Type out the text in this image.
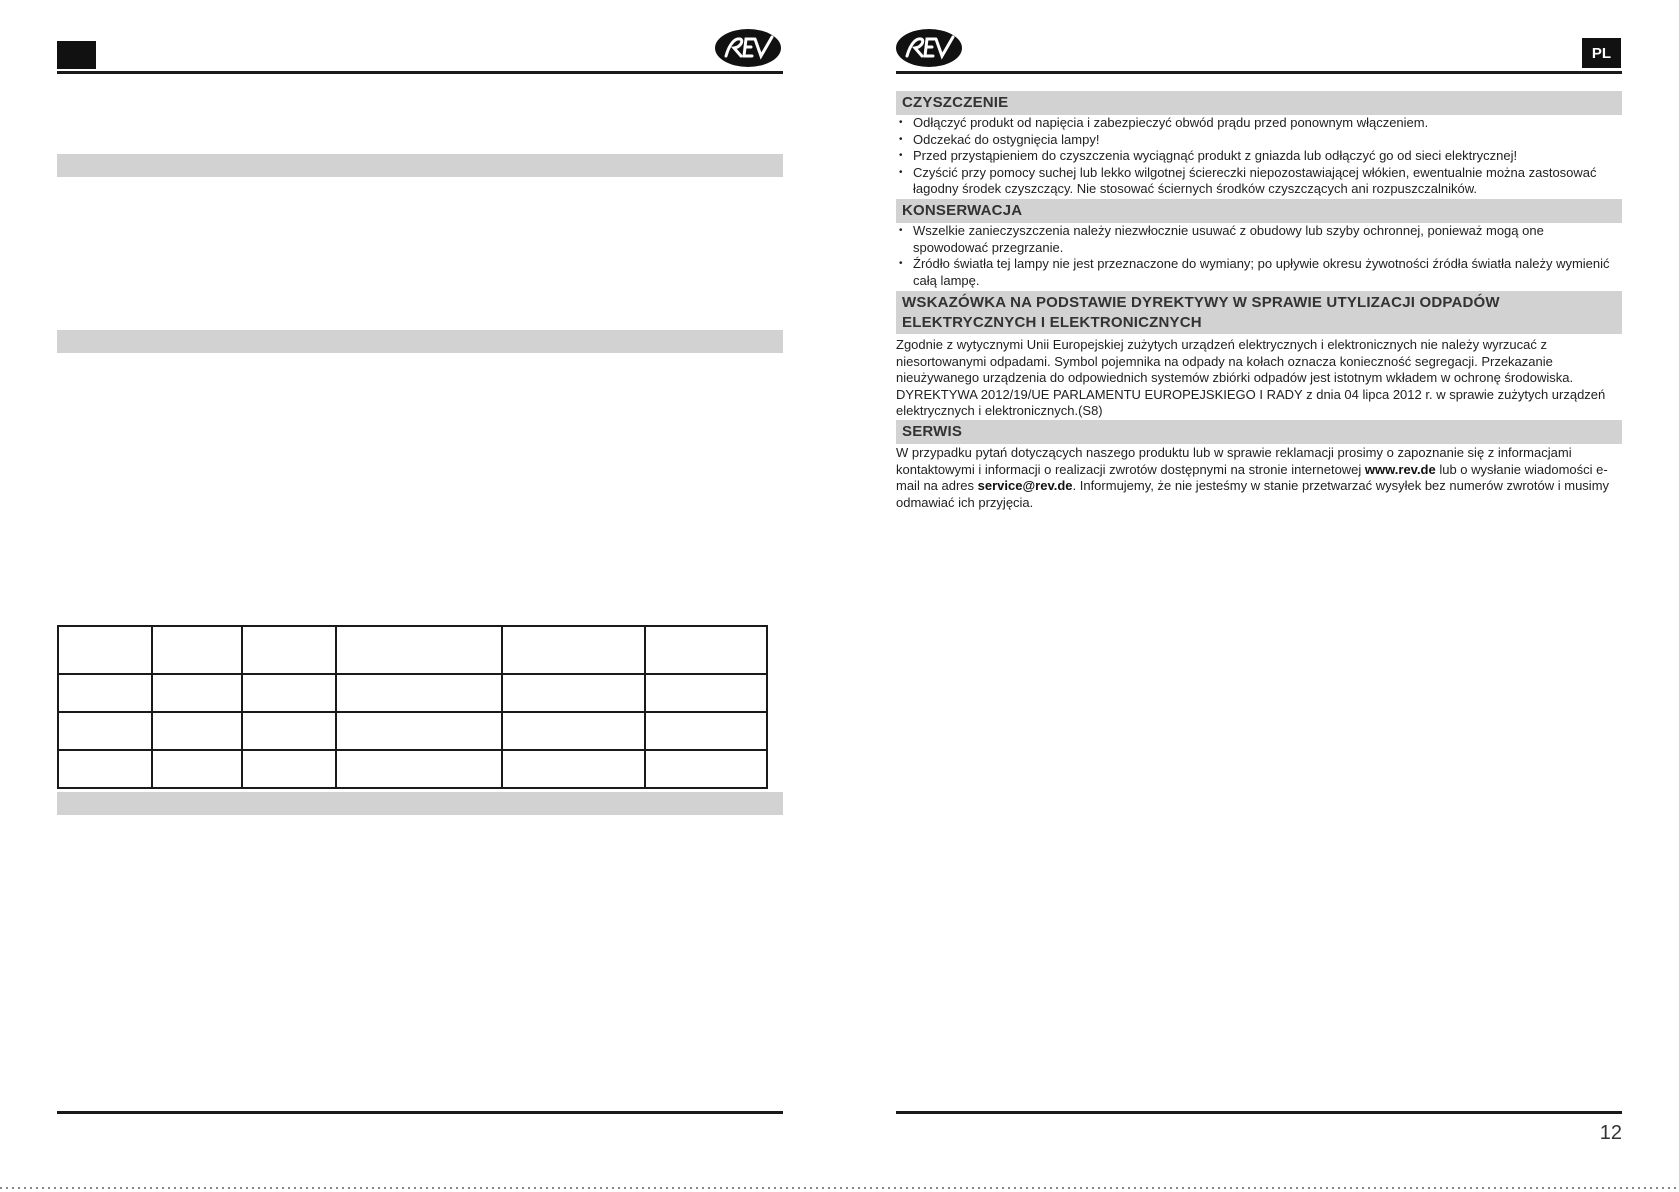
PL
CZYSZCZENIE
• Odłączyć produkt od napięcia i zabezpieczyć obwód prądu przed ponownym włączeniem.
• Odczekać do ostygnięcia lampy!
• Przed przystąpieniem do czyszczenia wyciągnąć produkt z gniazda lub odłączyć go od sieci elektrycznej!
• Czyścić przy pomocy suchej lub lekko wilgotnej ściereczki niepozostawiającej włókien, ewentualnie można zastosować łagodny środek czyszczący. Nie stosować ściernych środków czyszczących ani rozpuszczalników.
KONSERWACJA
• Wszelkie zanieczyszczenia należy niezwłocznie usuwać z obudowy lub szyby ochronnej, ponieważ mogą one spowodować przegrzanie.
• Źródło światła tej lampy nie jest przeznaczone do wymiany; po upływie okresu żywotności źródła światła należy wymienić całą lampę.
WSKAZÓWKA NA PODSTAWIE DYREKTYWY W SPRAWIE UTYLIZACJI ODPADÓW
ELEKTRYCZNYCH I ELEKTRONICZNYCH

Zgodnie z wytycznymi Unii Europejskiej zużytych urządzeń elektrycznych i elektronicznych nie należy wyrzucać z niesortowanymi odpadami. Symbol pojemnika na odpady na kołach oznacza konieczność segregacji. Przekazanie nieużywanego urządzenia do odpowiednich systemów zbiórki odpadów jest istotnym wkładem w ochronę środowiska. DYREKTYWA 2012/19/UE PARLAMENTU EUROPEJSKIEGO I RADY z dnia 04 lipca 2012 r. w sprawie zużytych urządzeń elektrycznych i elektronicznych.(S8)

SERWIS

W przypadku pytań dotyczących naszego produktu lub w sprawie reklamacji prosimy o zapoznanie się z informacjami kontaktowymi i informacji o realizacji zwrotów dostępnymi na stronie internetowej www.rev.de lub o wysłanie wiadomości e-mail na adres service@rev.de. Informujemy, że nie jesteśmy w stanie przetwarzać wysyłek bez numerów zwrotów i musimy odmawiać ich przyjęcia.

12
